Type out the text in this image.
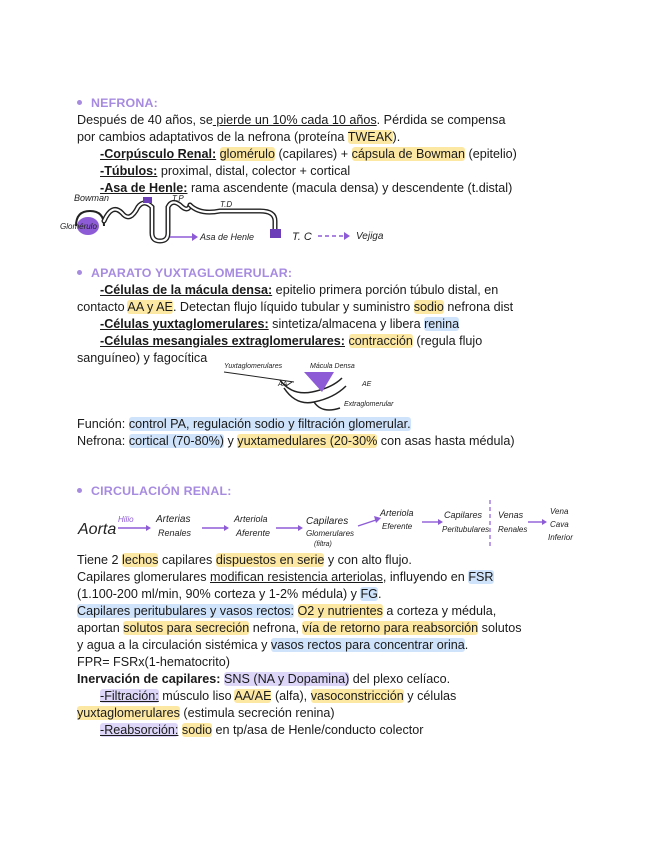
NEFRONA:
Después de 40 años, se pierde un 10% cada 10 años. Pérdida se compensa
por cambios adaptativos de la nefrona (proteína TWEAK).
-Corpúsculo Renal: glomérulo (capilares) + cápsula de Bowman (epitelio)
-Túbulos: proximal, distal, colector + cortical
-Asa de Henle: rama ascendente (macula densa) y descendente (t.distal)
Bowman
Glomérulo
T.P
T.D
Asa de Henle	T. C	Vejiga
APARATO YUXTAGLOMERULAR:
-Células de la mácula densa: epitelio primera porción túbulo distal, en
contacto AA y AE. Detectan flujo líquido tubular y suministro sodio nefrona dist
-Células yuxtaglomerulares: sintetiza/almacena y libera renina
-Células mesangiales extraglomerulares: contracción (regula flujo
sanguíneo) y fagocítica
Yuxtaglomerulares	Mácula Densa
AA	AE
Extraglomerular
Función: control PA, regulación sodio y filtración glomerular.
Nefrona: cortical (70-80%) y yuxtamedulares (20-30% con asas hasta médula)
CIRCULACIÓN RENAL:
Aorta
Hilio Arterias
Renales
Arteriola
Aferente
Capilares
Glomerulares
(filtra)
Arteriola
Eferente
Capilares
Peritubulares
Venas
Renales
Vena
Cava
Inferior
Tiene 2 lechos capilares dispuestos en serie y con alto flujo.
Capilares glomerulares modifican resistencia arteriolas, influyendo en FSR
(1.100-200 ml/min, 90% corteza y 1-2% médula) y FG.
Capilares peritubulares y vasos rectos: O2 y nutrientes a corteza y médula,
aportan solutos para secreción nefrona, vía de retorno para reabsorción solutos
y agua a la circulación sistémica y vasos rectos para concentrar orina.
FPR= FSRx(1-hematocrito)
Inervación de capilares: SNS (NA y Dopamina) del plexo celíaco.
-Filtración: músculo liso AA/AE (alfa), vasoconstricción y células
yuxtaglomerulares (estimula secreción renina)
-Reabsorción: sodio en tp/asa de Henle/conducto colector
